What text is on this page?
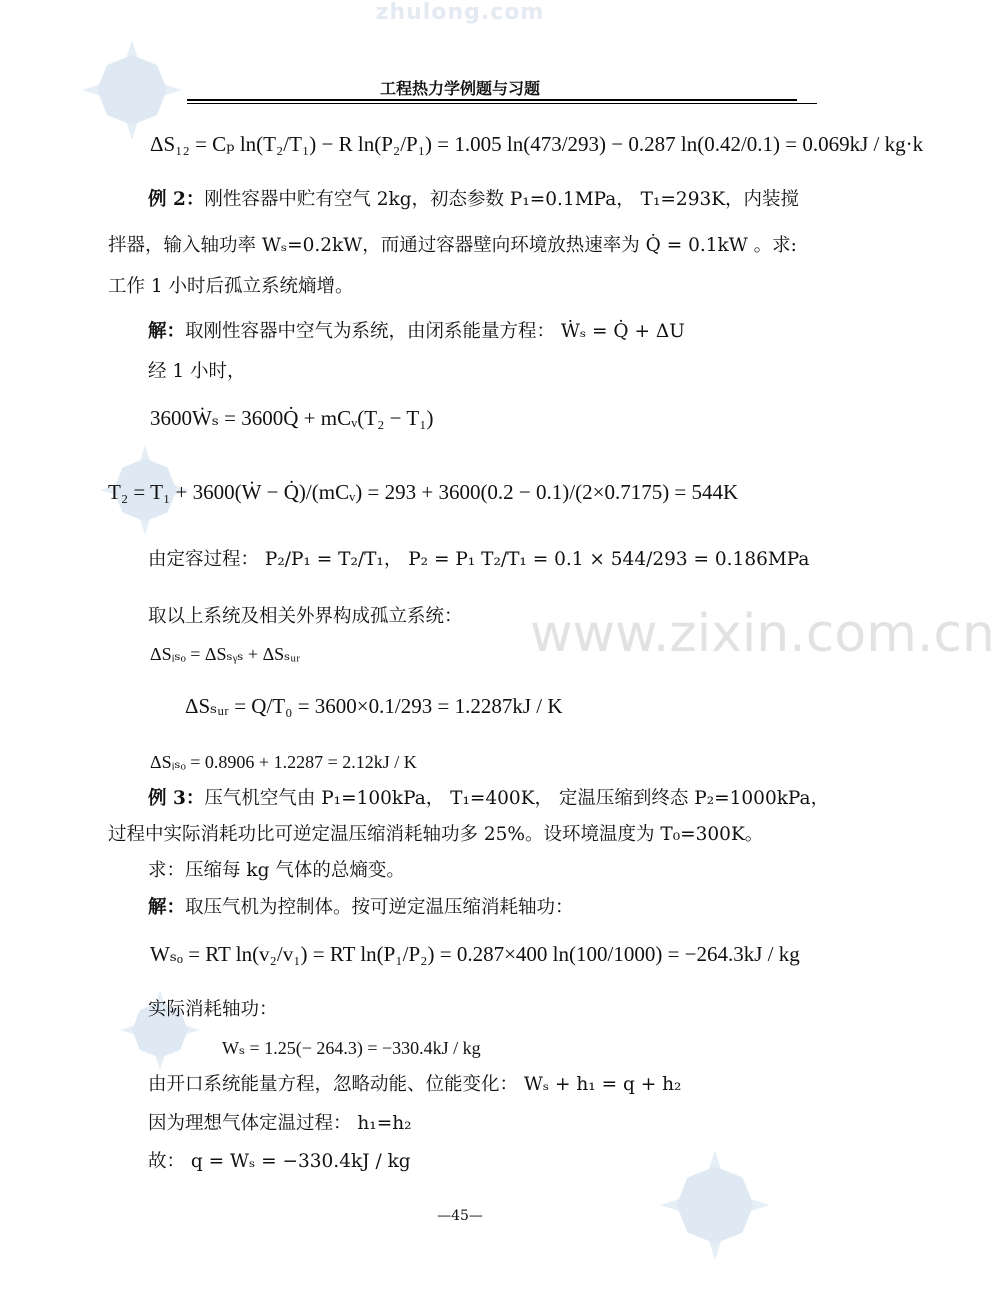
zhulong.com
www.zixin.com.cn
工程热力学例题与习题
ΔS₁₂ = Cₚ ln(T₂/T₁) − R ln(P₂/P₁) = 1.005 ln(473/293) − 0.287 ln(0.42/0.1) = 0.069kJ / kg·k
例 2：刚性容器中贮有空气 2kg，初态参数 P₁=0.1MPa， T₁=293K，内装搅
拌器，输入轴功率 Wₛ=0.2kW，而通过容器壁向环境放热速率为 Q̇ = 0.1kW 。求:
工作 1 小时后孤立系统熵增。
解：取刚性容器中空气为系统，由闭系能量方程： Ẇₛ = Q̇ + ΔU
经 1 小时，
3600Ẇₛ = 3600Q̇ + mCᵥ(T₂ − T₁)
T₂ = T₁ + 3600(Ẇ − Q̇)/(mCᵥ) = 293 + 3600(0.2 − 0.1)/(2×0.7175) = 544K
由定容过程： P₂/P₁ = T₂/T₁， P₂ = P₁ T₂/T₁ = 0.1 × 544/293 = 0.186MPa
取以上系统及相关外界构成孤立系统：
ΔSᵢₛₒ = ΔSₛᵧₛ + ΔSₛᵤᵣ
ΔSₛᵤᵣ = Q/T₀ = 3600×0.1/293 = 1.2287kJ / K
ΔSᵢₛₒ = 0.8906 + 1.2287 = 2.12kJ / K
例 3：压气机空气由 P₁=100kPa， T₁=400K， 定温压缩到终态 P₂=1000kPa，
过程中实际消耗功比可逆定温压缩消耗轴功多 25%。设环境温度为 T₀=300K。
求：压缩每 kg 气体的总熵变。
解：取压气机为控制体。按可逆定温压缩消耗轴功：
Wₛₒ = RT ln(v₂/v₁) = RT ln(P₁/P₂) = 0.287×400 ln(100/1000) = −264.3kJ / kg
实际消耗轴功：
Wₛ = 1.25(− 264.3) = −330.4kJ / kg
由开口系统能量方程，忽略动能、位能变化： Wₛ + h₁ = q + h₂
因为理想气体定温过程： h₁=h₂
故： q = Wₛ = −330.4kJ / kg
—45—
